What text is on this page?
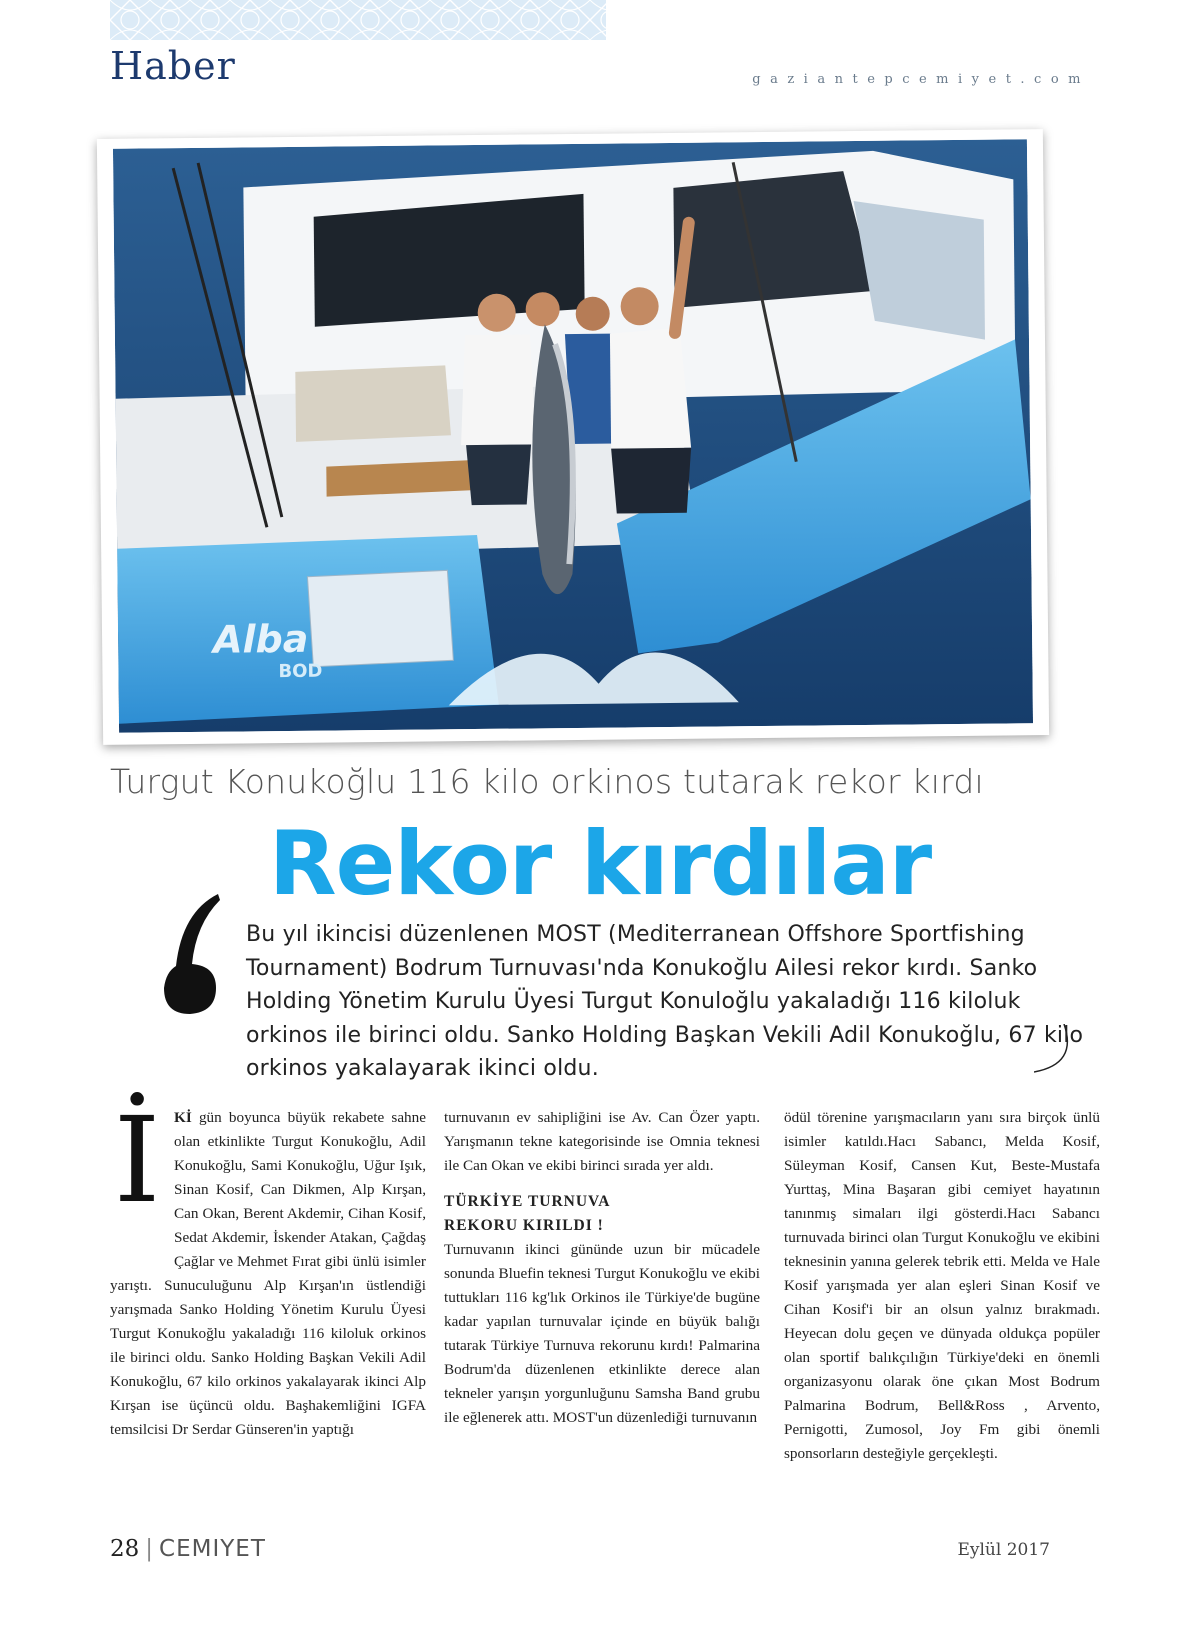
Haber	gaziantepcemiyet.com
Alba
BOD
Turgut Konukoğlu 116 kilo orkinos tutarak rekor kırdı
Rekor kırdılar
Bu yıl ikincisi düzenlenen MOST (Mediterranean Offshore Sportfishing Tournament) Bodrum Turnuvası'nda Konukoğlu Ailesi rekor kırdı. Sanko Holding Yönetim Kurulu Üyesi Turgut Konuloğlu yakaladığı 116 kiloluk orkinos ile birinci oldu. Sanko Holding Başkan Vekili Adil Konukoğlu, 67 kilo orkinos yakalayarak ikinci oldu.
İ Kİ gün boyunca büyük rekabete sahne olan etkinlikte Turgut Konukoğlu, Adil Konukoğlu, Sami Konukoğlu, Uğur Işık, Sinan Kosif, Can Dikmen, Alp Kırşan, Can Okan, Berent Akdemir, Cihan Kosif, Sedat Akdemir, İskender Atakan, Çağdaş Çağlar ve Mehmet Fırat gibi ünlü isimler yarıştı. Sunuculuğunu Alp Kırşan'ın üstlendiği yarışmada Sanko Holding Yönetim Kurulu Üyesi Turgut Konukoğlu yakaladığı 116 kiloluk orkinos ile birinci oldu. Sanko Holding Başkan Vekili Adil Konukoğlu, 67 kilo orkinos yakalayarak ikinci Alp Kırşan ise üçüncü oldu. Başhakemliğini IGFA temsilcisi Dr Serdar Günseren'in yaptığı

turnuvanın ev sahipliğini ise Av. Can Özer yaptı. Yarışmanın tekne kategorisinde ise Omnia teknesi ile Can Okan ve ekibi birinci sırada yer aldı.

TÜRKİYE TURNUVA
REKORU KIRILDI !

Turnuvanın ikinci gününde uzun bir mücadele sonunda Bluefin teknesi Turgut Konukoğlu ve ekibi tuttukları 116 kg'lık Orkinos ile Türkiye'de bugüne kadar yapılan turnuvalar içinde en büyük balığı tutarak Türkiye Turnuva rekorunu kırdı! Palmarina Bodrum'da düzenlenen etkinlikte derece alan tekneler yarışın yorgunluğunu Samsha Band grubu ile eğlenerek attı. MOST'un düzenlediği turnuvanın

ödül törenine yarışmacıların yanı sıra birçok ünlü isimler katıldı.Hacı Sabancı, Melda Kosif, Süleyman Kosif, Cansen Kut, Beste-Mustafa Yurttaş, Mina Başaran gibi cemiyet hayatının tanınmış simaları ilgi gösterdi.Hacı Sabancı turnuvada birinci olan Turgut Konukoğlu ve ekibini teknesinin yanına gelerek tebrik etti. Melda ve Hale Kosif yarışmada yer alan eşleri Sinan Kosif ve Cihan Kosif'i bir an olsun yalnız bırakmadı. Heyecan dolu geçen ve dünyada oldukça popüler olan sportif balıkçılığın Türkiye'deki en önemli organizasyonu olarak öne çıkan Most Bodrum Palmarina Bodrum, Bell&Ross , Arvento, Pernigotti, Zumosol, Joy Fm gibi önemli sponsorların desteğiyle gerçekleşti.

28 | CEMIYET	Eylül 2017
